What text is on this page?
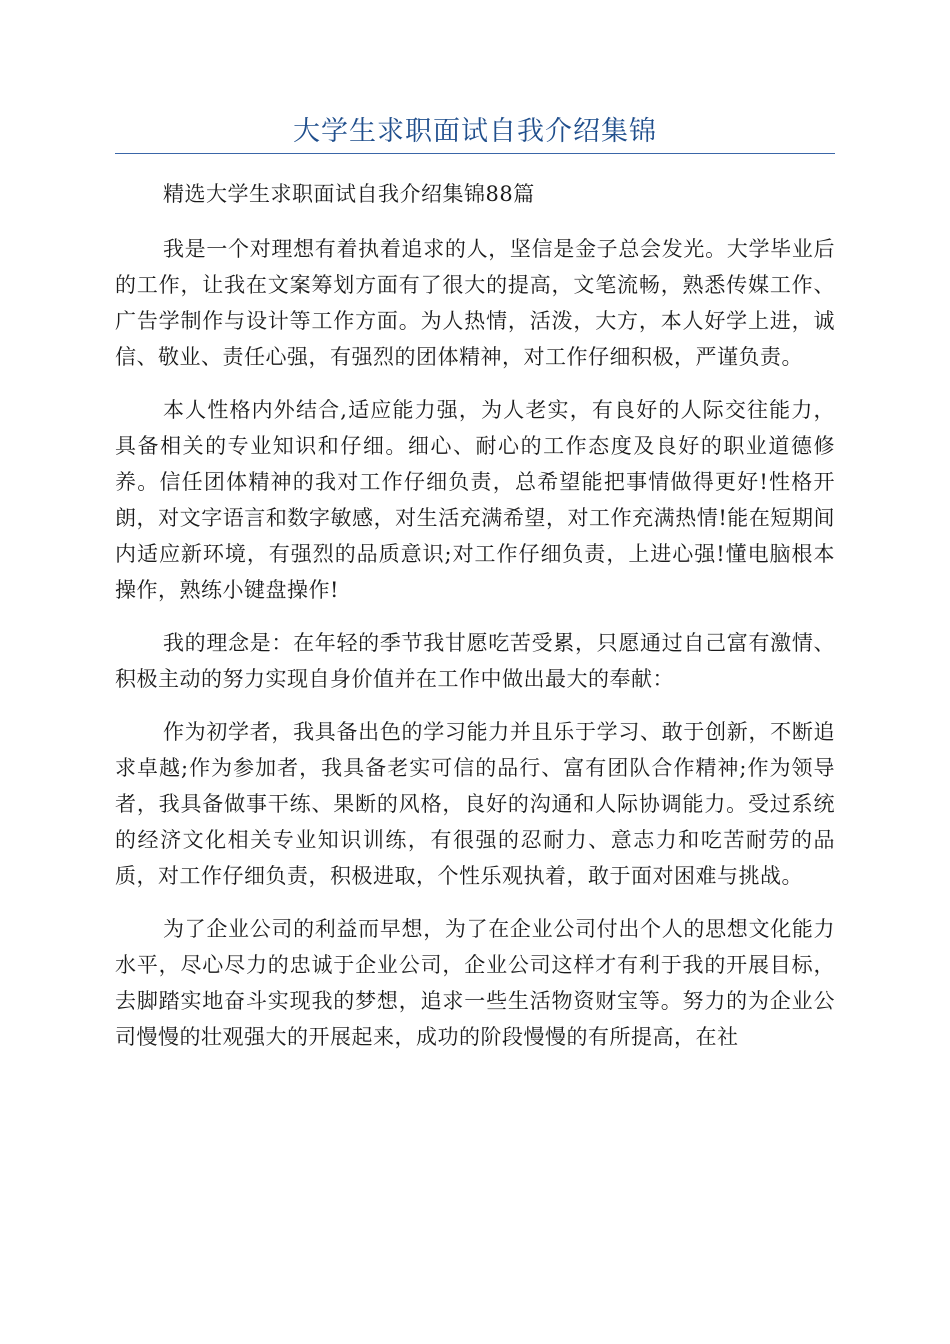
大学生求职面试自我介绍集锦

精选大学生求职面试自我介绍集锦88篇

我是一个对理想有着执着追求的人，坚信是金子总会发光。大学毕业后的工作，让我在文案筹划方面有了很大的提高，文笔流畅，熟悉传媒工作、广告学制作与设计等工作方面。为人热情，活泼，大方，本人好学上进，诚信、敬业、责任心强，有强烈的团体精神，对工作仔细积极，严谨负责。

本人性格内外结合,适应能力强，为人老实，有良好的人际交往能力，具备相关的专业知识和仔细。细心、耐心的工作态度及良好的职业道德修养。信任团体精神的我对工作仔细负责，总希望能把事情做得更好!性格开朗，对文字语言和数字敏感，对生活充满希望，对工作充满热情!能在短期间内适应新环境，有强烈的品质意识;对工作仔细负责，上进心强!懂电脑根本操作，熟练小键盘操作!

我的理念是：在年轻的季节我甘愿吃苦受累，只愿通过自己富有激情、积极主动的努力实现自身价值并在工作中做出最大的奉献：

作为初学者，我具备出色的学习能力并且乐于学习、敢于创新，不断追求卓越;作为参加者，我具备老实可信的品行、富有团队合作精神;作为领导者，我具备做事干练、果断的风格，良好的沟通和人际协调能力。受过系统的经济文化相关专业知识训练，有很强的忍耐力、意志力和吃苦耐劳的品质，对工作仔细负责，积极进取，个性乐观执着，敢于面对困难与挑战。

为了企业公司的利益而早想，为了在企业公司付出个人的思想文化能力水平，尽心尽力的忠诚于企业公司，企业公司这样才有利于我的开展目标，去脚踏实地奋斗实现我的梦想，追求一些生活物资财宝等。努力的为企业公司慢慢的壮观强大的开展起来，成功的阶段慢慢的有所提高，在社
